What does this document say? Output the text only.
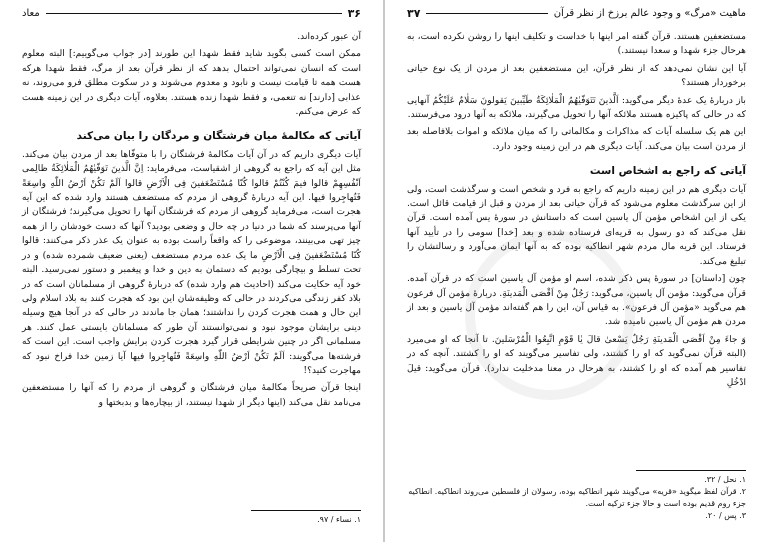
۳۶
معاد

آن عبور کرده‌اند.

ممکن است کسی بگوید شاید فقط شهدا این طورند [در جواب می‌گوییم:] البته معلوم است که انسان نمی‌تواند احتمال بدهد که از نظر قرآن بعد از مرگ، فقط شهدا هرکه هست همه تا قیامت نیست و نابود و معدوم می‌شوند و در سکوت مطلق فرو می‌روند، نه عذابی [دارند] نه تنعمی، و فقط شهدا زنده هستند. بعلاوه، آیات دیگری در این زمینه هست که عرض می‌کنم.

آیاتی که مکالمهٔ میان فرشتگان و مردگان را بیان می‌کند

آیات دیگری داریم که در آن آیات مکالمهٔ فرشتگان را با متوفّاها بعد از مردن بیان می‌کند. مثل این آیه که راجع به گروهی از اشقیاست، می‌فرماید: اِنَّ الَّذینَ تَوَفّیٰهُمُ الْمَلٰائِکَةُ ظالِمی اَنْفُسِهِمْ قالوا فیمَ کُنْتُمْ قالوا کُنّا مُسْتَضْعَفینَ فِی الْاَرْضِ قالوا اَلَمْ تَکُنْ اَرْضُ اللّٰهِ واسِعَةً فَتُهاجِروا فیها. این آیه دربارهٔ گروهی از مردم که مستضعف هستند وارد شده که این آیه هجرت است، می‌فرماید گروهی از مردم که فرشتگان آنها را تحویل می‌گیرند؛ فرشتگان از آنها می‌پرسند که شما در دنیا در چه حال و وضعی بودید؟ آنها که دست خودشان را از همه چیز تهی می‌بینند، موضوعی را که واقعاً راست بوده به عنوان یک عذر ذکر می‌کنند: قالوا کُنّا مُسْتَضْعَفینَ فِی الْاَرْضِ ما یک عده مردم مستضعف (یعنی ضعیف شمرده شده) و در تحت تسلط و بیچارگی بودیم که دستمان به دین و خدا و پیغمبر و دستور نمی‌رسید. البته خود آیه حکایت می‌کند (احادیث هم وارد شده) که دربارهٔ گروهی از مسلمانان است که در بلاد کفر زندگی می‌کردند در حالی که وظیفه‌شان این بود که هجرت کنند به بلاد اسلام ولی این حال و همت هجرت کردن را نداشتند؛ همان جا ماندند در حالی که در آنجا هیچ وسیله دینی برایشان موجود نبود و نمی‌توانستند آن طور که مسلمانان بایستی عمل کنند. هر مسلمانی اگر در چنین شرایطی قرار گیرد هجرت کردن برایش واجب است. این است که فرشته‌ها می‌گویند: اَلَمْ تَکُنْ اَرْضُ اللّٰهِ واسِعَةً فَتُهاجِروا فیها آیا زمین خدا فراخ نبود که مهاجرت کنید؟!

اینجا قرآن صریحاً مکالمهٔ میان فرشتگان و گروهی از مردم را که آنها را مستضعفین می‌نامد نقل می‌کند (اینها دیگر از شهدا نیستند، از بیچاره‌ها و بدبختها و

۱. نساء / ۹۷.
ماهیت «مرگ» و وجود عالم برزخ از نظر قرآن
۳۷

مستضعفین هستند. قرآن گفته امر اینها با خداست و تکلیف اینها را روشن نکرده است، به هرحال جزء شهدا و سعدا نیستند.)

آیا این نشان نمی‌دهد که از نظر قرآن، این مستضعفین بعد از مردن از یک نوع حیاتی برخوردار هستند؟

باز دربارهٔ یک عدهٔ دیگر می‌گوید: اَلَّذینَ تَتَوَفّیٰهُمُ الْمَلٰائِکَةُ طَیِّبینَ یَقولونَ سَلٰامٌ عَلَیْکُمُ آنهایی که در حالی که پاکیزه هستند ملائکه آنها را تحویل می‌گیرند، ملائکه به آنها درود می‌فرستند.

این هم یک سلسله آیات که مذاکرات و مکالماتی را که میان ملائکه و اموات بلافاصله بعد از مردن است بیان می‌کند. آیات دیگری هم در این زمینه وجود دارد.

آیاتی که راجع به اشخاص است

آیات دیگری هم در این زمینه داریم که راجع به فرد و شخص است و سرگذشت است، ولی از این سرگذشت معلوم می‌شود که قرآن حیاتی بعد از مردن و قبل از قیامت قائل است. یکی از این اشخاص مؤمن آل یاسین است که داستانش در سورهٔ یس آمده است. قرآن نقل می‌کند که دو رسول به قریه‌ای فرستاده شده و بعد [خدا] سومی را در تأیید آنها فرستاد. این قریه مال مردم شهر انطاکیه بوده که به آنها ایمان می‌آورد و رسالتشان را تبلیغ می‌کند.

چون [داستان] در سورهٔ پس ذکر شده، اسم او مؤمن آل یاسین است که در قرآن آمده. قرآن می‌گوید: مؤمن آل یاسین، می‌گوید: رَجُلٌ مِنْ اَقْصَی الْمَدینَةِ. دربارهٔ مؤمن آل فرعون هم می‌گوید «مؤمن آل فرعون». به قیاس آن، این را هم گفته‌اند مؤمن آل یاسین و بعد از مردن هم مؤمن آل یاسین نامیده شد.

وَ جاءَ مِنْ اَقْصَی الْمَدینَةِ رَجُلٌ یَسْعیٰ قالَ یٰا قَوْمِ اتَّبِعُوا الْمُرْسَلینَ. تا آنجا که او می‌میرد (البته قرآن نمی‌گوید که او را کشتند، ولی تفاسیر می‌گویند که او را کشتند. آنچه که در تفاسیر هم آمده که او را کشتند، به هرحال در معنا مدخلیت ندارد). قرآن می‌گوید: قیلَ ادْخُلِ

۱. نحل / ۳۲.
۲. قرآن لفظ میگوید «قریه» می‌گویند شهر انطاکیه بوده، رسولان از فلسطین می‌روند انطاکیه. انطاکیه جزء روم قدیم بوده است و حالا جزء ترکیه است.
۳. پس / ۲۰.
